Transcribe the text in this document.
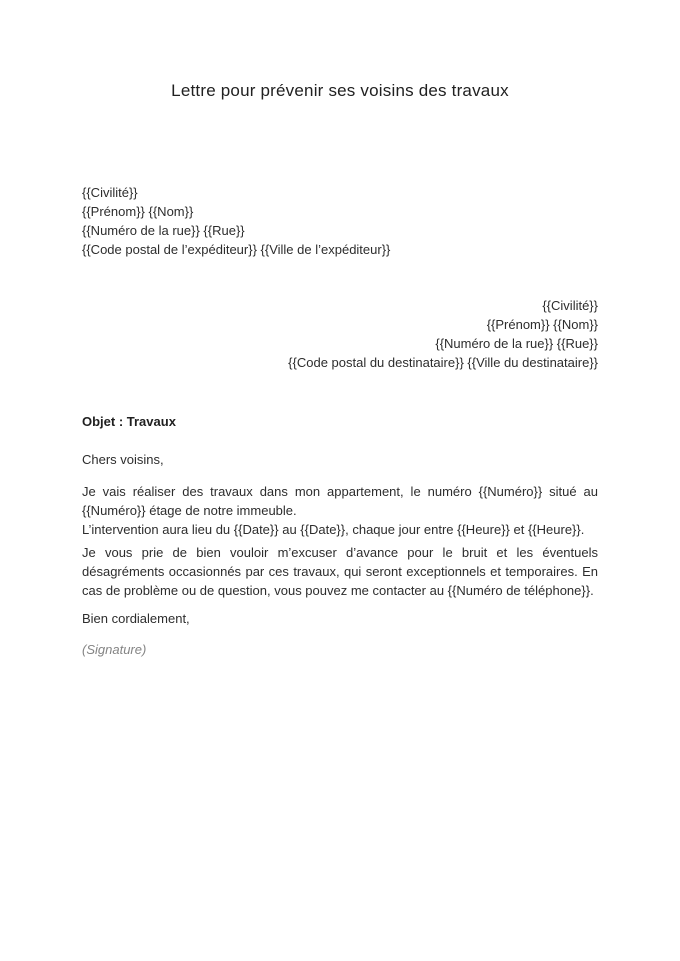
Lettre pour prévenir ses voisins des travaux
{{Civilité}}
{{Prénom}} {{Nom}}
{{Numéro de la rue}} {{Rue}}
{{Code postal de l’expéditeur}} {{Ville de l’expéditeur}}
{{Civilité}}
{{Prénom}} {{Nom}}
{{Numéro de la rue}} {{Rue}}
{{Code postal du destinataire}} {{Ville du destinataire}}
Objet : Travaux
Chers voisins,
Je vais réaliser des travaux dans mon appartement, le numéro {{Numéro}} situé au {{Numéro}} étage de notre immeuble.
L’intervention aura lieu du {{Date}} au {{Date}}, chaque jour entre {{Heure}} et {{Heure}}.
Je vous prie de bien vouloir m’excuser d’avance pour le bruit et les éventuels désagréments occasionnés par ces travaux, qui seront exceptionnels et temporaires. En cas de problème ou de question, vous pouvez me contacter au {{Numéro de téléphone}}.
Bien cordialement,
(Signature)
